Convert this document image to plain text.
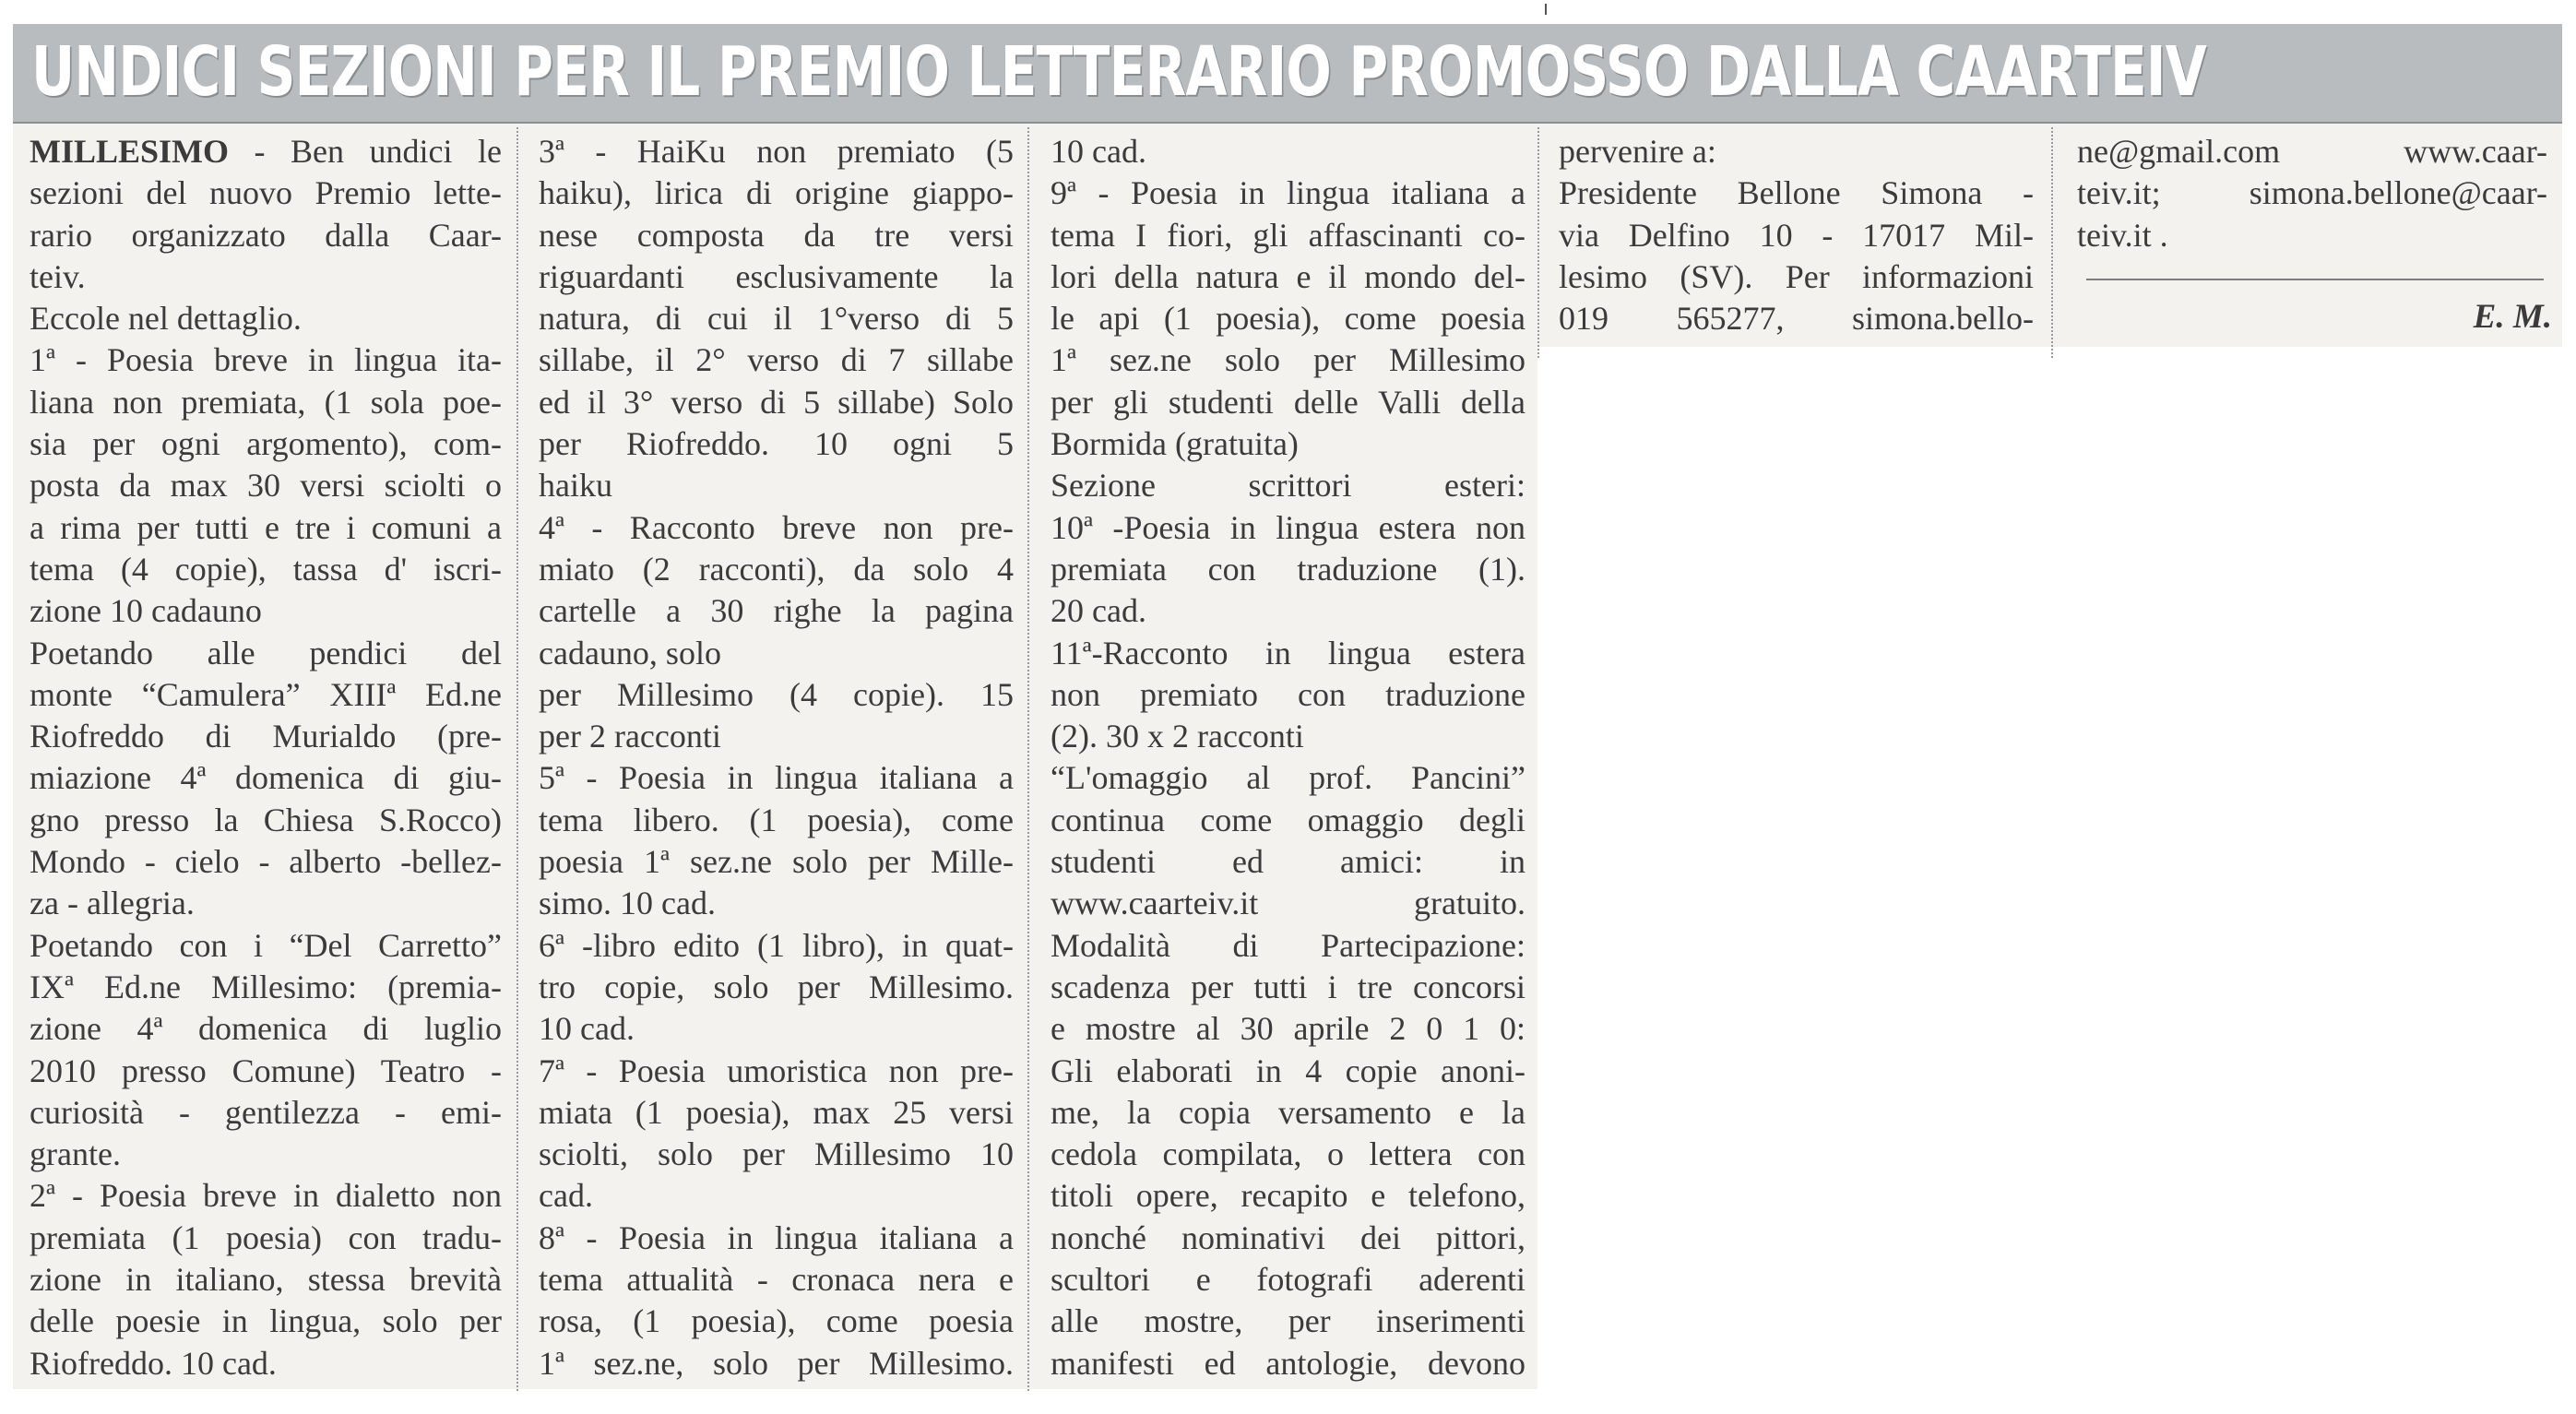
UNDICI SEZIONI PER IL PREMIO LETTERARIO PROMOSSO DALLA CAARTEIV
MILLESIMO - Ben undici le
sezioni del nuovo Premio lette-
rario organizzato dalla Caar-
teiv.
Eccole nel dettaglio.
1ª - Poesia breve in lingua ita-
liana non premiata, (1 sola poe-
sia per ogni argomento), com-
posta da max 30 versi sciolti o
a rima per tutti e tre i comuni a
tema (4 copie), tassa d' iscri-
zione 10 cadauno
Poetando alle pendici del
monte “Camulera” XIIIª Ed.ne
Riofreddo di Murialdo (pre-
miazione 4ª domenica di giu-
gno presso la Chiesa S.Rocco)
Mondo - cielo - alberto -bellez-
za - allegria.
Poetando con i “Del Carretto”
IXª Ed.ne Millesimo: (premia-
zione 4ª domenica di luglio
2010 presso Comune) Teatro -
curiosità - gentilezza - emi-
grante.
2ª - Poesia breve in dialetto non
premiata (1 poesia) con tradu-
zione in italiano, stessa brevità
delle poesie in lingua, solo per
Riofreddo. 10 cad.
3ª - HaiKu non premiato (5
haiku), lirica di origine giappo-
nese composta da tre versi
riguardanti esclusivamente la
natura, di cui il 1°verso di 5
sillabe, il 2° verso di 7 sillabe
ed il 3° verso di 5 sillabe) Solo
per Riofreddo. 10 ogni 5
haiku
4ª - Racconto breve non pre-
miato (2 racconti), da solo 4
cartelle a 30 righe la pagina
cadauno, solo
per Millesimo (4 copie). 15
per 2 racconti
5ª - Poesia in lingua italiana a
tema libero. (1 poesia), come
poesia 1ª sez.ne solo per Mille-
simo. 10 cad.
6ª -libro edito (1 libro), in quat-
tro copie, solo per Millesimo.
10 cad.
7ª - Poesia umoristica non pre-
miata (1 poesia), max 25 versi
sciolti, solo per Millesimo 10
cad.
8ª - Poesia in lingua italiana a
tema attualità - cronaca nera e
rosa, (1 poesia), come poesia
1ª sez.ne, solo per Millesimo.
10 cad.
9ª - Poesia in lingua italiana a
tema I fiori, gli affascinanti co-
lori della natura e il mondo del-
le api (1 poesia), come poesia
1ª sez.ne solo per Millesimo
per gli studenti delle Valli della
Bormida (gratuita)
Sezione scrittori esteri:
10ª -Poesia in lingua estera non
premiata con traduzione (1).
20 cad.
11ª-Racconto in lingua estera
non premiato con traduzione
(2). 30 x 2 racconti
“L'omaggio al prof. Pancini”
continua come omaggio degli
studenti ed amici: in
www.caarteiv.it gratuito.
Modalità di Partecipazione:
scadenza per tutti i tre concorsi
e mostre al 30 aprile 2 0 1 0:
Gli elaborati in 4 copie anoni-
me, la copia versamento e la
cedola compilata, o lettera con
titoli opere, recapito e telefono,
nonché nominativi dei pittori,
scultori e fotografi aderenti
alle mostre, per inserimenti
manifesti ed antologie, devono
pervenire a:
Presidente Bellone Simona -
via Delfino 10 - 17017 Mil-
lesimo (SV). Per informazioni
019 565277, simona.bello-
ne@gmail.com www.caar-
teiv.it; simona.bellone@caar-
teiv.it .
E. M.
